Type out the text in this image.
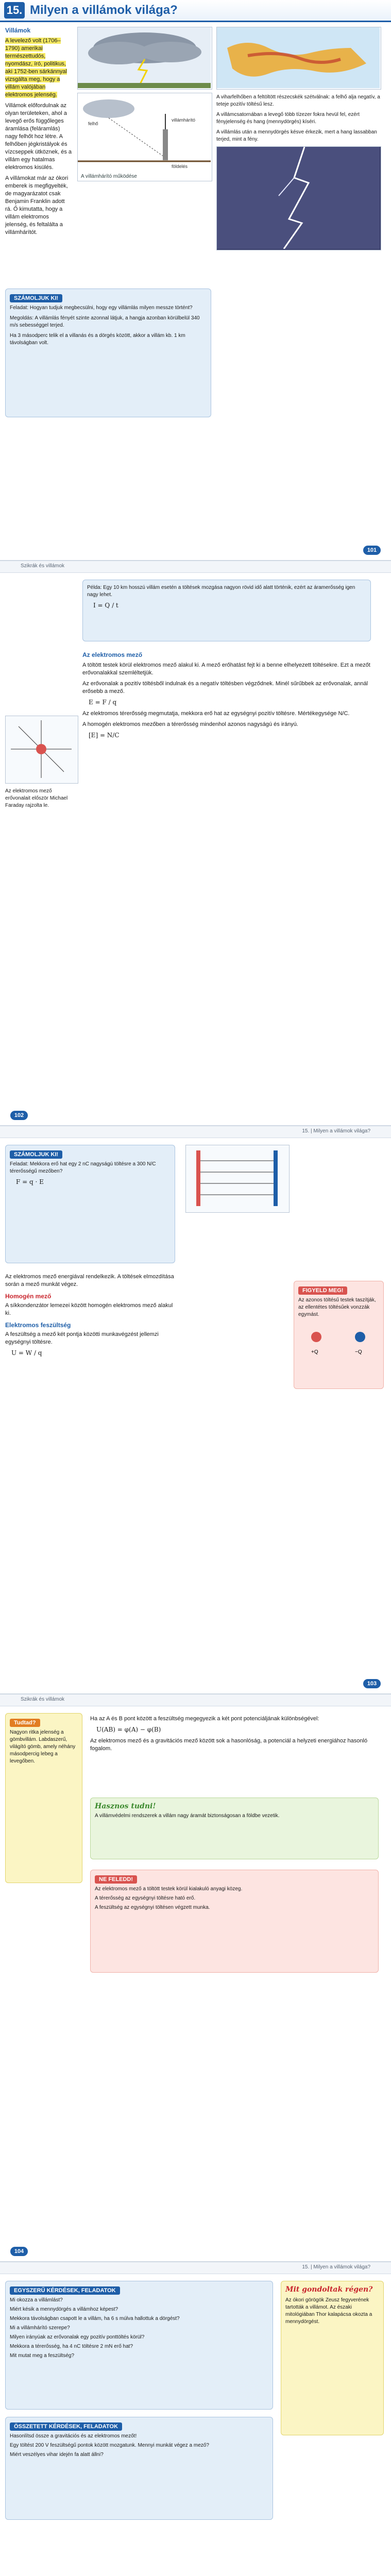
15. Milyen a villámok világa?
Villámok

A levelező volt (1706–1790) amerikai természettudós, nyomdász, író, politikus, aki 1752-ben sárkánnyal vizsgálta meg, hogy a villám valójában elektromos jelenség.

Villámok előfordulnak az olyan területeken, ahol a levegő erős függőleges áramlása (feláramlás) nagy felhőt hoz létre. A felhőben jégkristályok és vízcseppek ütköznek, és a villám egy hatalmas elektromos kisülés.

A villámokat már az ókori emberek is megfigyelték, de magyarázatot csak Benjamin Franklin adott rá. Ő kimutatta, hogy a villám elektromos jelenség, és feltalálta a villámhárítót.

felhő
villámhárító
földelés
A villámhárító működése

A viharfelhőben a feltöltött részecskék szétválnak: a felhő alja negatív, a teteje pozitív töltésű lesz.

A villámcsatornában a levegő több tízezer fokra hevül fel, ezért fényjelenség és hang (mennydörgés) kíséri.

A villámlás után a mennydörgés késve érkezik, mert a hang lassabban terjed, mint a fény.

SZÁMOLJUK KI!

Feladat: Hogyan tudjuk megbecsülni, hogy egy villámlás milyen messze történt?

Megoldás: A villámlás fényét szinte azonnal látjuk, a hangja azonban körülbelül 340 m/s sebességgel terjed.

Ha 3 másodperc telik el a villanás és a dörgés között, akkor a villám kb. 1 km távolságban volt.

101
Szikrák és villámok

Példa: Egy 10 km hosszú villám esetén a töltések mozgása nagyon rövid idő alatt történik, ezért az áramerősség igen nagy lehet.

I = Q / t
Az elektromos mező

A töltött testek körül elektromos mező alakul ki. A mező erőhatást fejt ki a benne elhelyezett töltésekre. Ezt a mezőt erővonalakkal szemléltetjük.

Az erővonalak a pozitív töltésből indulnak és a negatív töltésben végződnek. Minél sűrűbbek az erővonalak, annál erősebb a mező.

E = F / q

Az elektromos térerősség megmutatja, mekkora erő hat az egységnyi pozitív töltésre. Mértékegysége N/C.

A homogén elektromos mezőben a térerősség mindenhol azonos nagyságú és irányú.

[E] = N/C

Az elektromos mező erővonalait először Michael Faraday rajzolta le.

102
15. | Milyen a villámok világa?
SZÁMOLJUK KI!

Feladat: Mekkora erő hat egy 2 nC nagyságú töltésre a 300 N/C térerősségű mezőben?

F = q · E

Az elektromos mező energiával rendelkezik. A töltések elmozdítása során a mező munkát végez.

Homogén mező

A síkkondenzátor lemezei között homogén elektromos mező alakul ki.

Elektromos feszültség

A feszültség a mező két pontja közötti munkavégzést jellemzi egységnyi töltésre.

U = W / q
FIGYELD MEG!

Az azonos töltésű testek taszítják, az ellentétes töltésűek vonzzák egymást.

+Q	−Q
103
Szikrák és villámok
Tudtad?

Nagyon ritka jelenség a gömbvillám. Labdaszerű, világító gömb, amely néhány másodpercig lebeg a levegőben.

Ha az A és B pont között a feszültség megegyezik a két pont potenciáljának különbségével:

U(AB) = φ(A) − φ(B)

Az elektromos mező és a gravitációs mező között sok a hasonlóság, a potenciál a helyzeti energiához hasonló fogalom.

Hasznos tudni!

A villámvédelmi rendszerek a villám nagy áramát biztonságosan a földbe vezetik.

NE FELEDD!

Az elektromos mező a töltött testek körül kialakuló anyagi közeg.

A térerősség az egységnyi töltésre ható erő.

A feszültség az egységnyi töltésen végzett munka.

104
15. | Milyen a villámok világa?
EGYSZERŰ KÉRDÉSEK, FELADATOK

Mi okozza a villámlást?

Miért késik a mennydörgés a villámhoz képest?

Mekkora távolságban csapott le a villám, ha 6 s múlva hallottuk a dörgést?

Mi a villámhárító szerepe?

Milyen irányúak az erővonalak egy pozitív ponttöltés körül?

Mekkora a térerősség, ha 4 nC töltésre 2 mN erő hat?

Mit mutat meg a feszültség?

ÖSSZETETT KÉRDÉSEK, FELADATOK

Hasonlítsd össze a gravitációs és az elektromos mezőt!

Egy töltést 200 V feszültségű pontok között mozgatunk. Mennyi munkát végez a mező?

Miért veszélyes vihar idején fa alatt állni?

Mit gondoltak régen?

Az ókori görögök Zeusz fegyverének tartották a villámot. Az északi mitológiában Thor kalapácsa okozta a mennydörgést.
